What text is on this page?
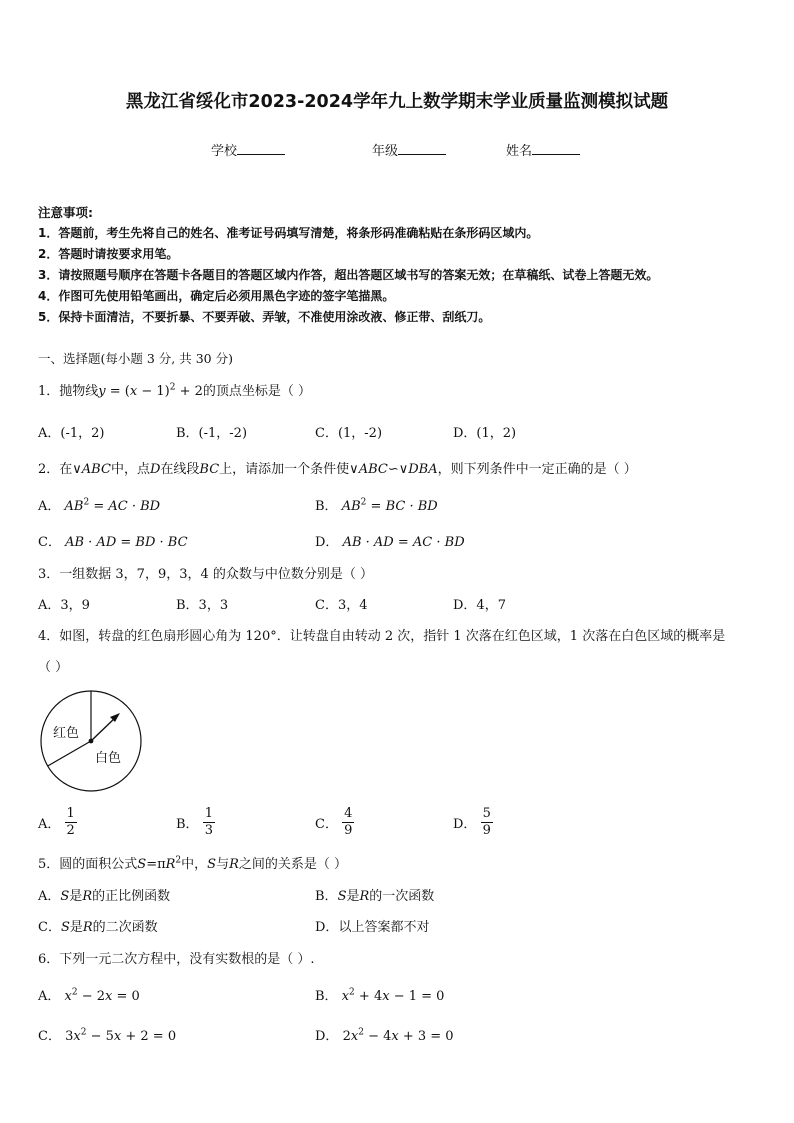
黑龙江省绥化市2023-2024学年九上数学期末学业质量监测模拟试题
学校	年级	姓名
注意事项:
1．答题前，考生先将自己的姓名、准考证号码填写清楚，将条形码准确粘贴在条形码区域内。
2．答题时请按要求用笔。
3．请按照题号顺序在答题卡各题目的答题区域内作答，超出答题区域书写的答案无效；在草稿纸、试卷上答题无效。
4．作图可先使用铅笔画出，确定后必须用黑色字迹的签字笔描黑。
5．保持卡面清洁，不要折暴、不要弄破、弄皱，不准使用涂改液、修正带、刮纸刀。
一、选择题(每小题 3 分, 共 30 分)
1．抛物线$y = (x - 1)^2 + 2$的顶点坐标是（ ）
A．(-1，2)	B．(-1，-2)	C．(1，-2)	D．(1，2)
2．在∨ABC中，点D在线段BC上，请添加一个条件使∨ABC∽∨DBA，则下列条件中一定正确的是（ ）
A． $AB^2$ = AC · BD	B． $AB^2$ = BC · BD
C． AB · AD = BD · BC	D． AB · AD = AC · BD
3．一组数据 3，7，9，3，4 的众数与中位数分别是（ ）
A．3，9	B．3，3	C．3，4	D．4，7
4．如图，转盘的红色扇形圆心角为 120°．让转盘自由转动 2 次，指针 1 次落在红色区域，1 次落在白色区域的概率是
（ ）
红色
白色
A． $\frac{1}{2}$	B． $\frac{1}{3}$	C． $\frac{4}{9}$	D． $\frac{5}{9}$
5．圆的面积公式$S=\pi R^2$中，S与R之间的关系是（ ）
A．S是R的正比例函数	B．S是R的一次函数
C．S是R的二次函数	D．以上答案都不对
6．下列一元二次方程中，没有实数根的是（ ）.
A． $x^2 - 2x = 0$	B． $x^2 + 4x - 1 = 0$
C． $3x^2 - 5x + 2 = 0$	D． $2x^2 - 4x + 3 = 0$
